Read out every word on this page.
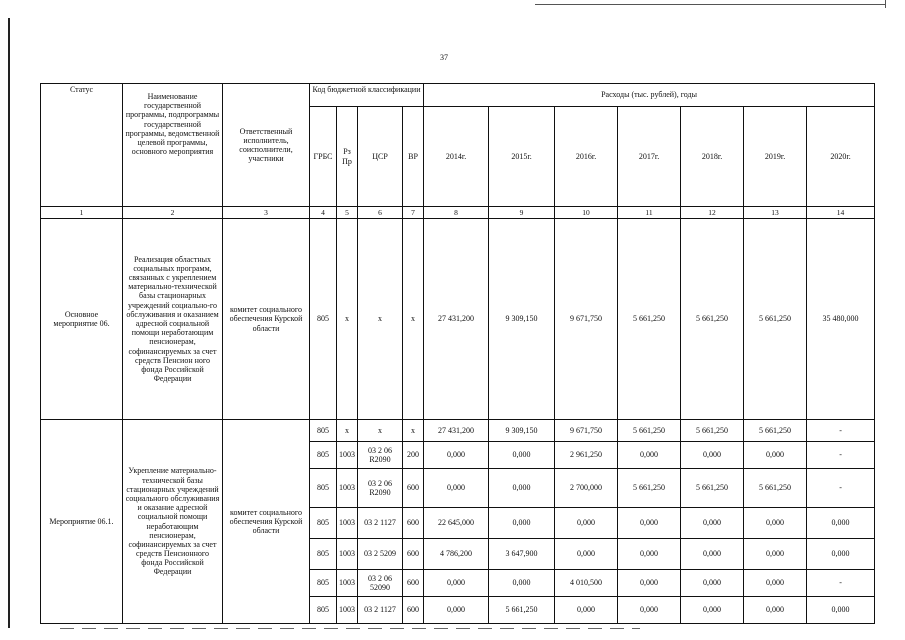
37
Статус	Наименование государственной программы, подпрограммы государственной программы, ведомственной целевой программы, основного мероприятия	Ответственный исполнитель, соисполнители, участники	Код бюджетной классификации				Расходы (тыс. рублей), годы						
			ГРБС	Рз Пр	ЦСР	ВР	2014г.	2015г.	2016г.	2017г.	2018г.	2019г.	2020г.
1	2	3	4	5	6	7	8	9	10	11	12	13	14
Основное мероприятие 06.	Реализация областных социальных программ, связанных с укреплением материально-технической базы стационарных учреждений социально-го обслуживания и оказанием адресной социальной помощи неработающим пенсионерам, софинансируемых за счет средств Пенсион ного фонда Российской Федерации	комитет социального обеспечения Курской области	805	х	х	х	27 431,200	9 309,150	9 671,750	5 661,250	5 661,250	5 661,250	35 480,000
Мероприятие 06.1.	Укрепление материально-технической базы стационарных учреждений социального обслуживания и оказание адресной социальной помощи неработающим пенсионерам, софинансируемых за счет средств Пенсионного фонда Российской Федерации	комитет социального обеспечения Курской области	805	х	х	х	27 431,200	9 309,150	9 671,750	5 661,250	5 661,250	5 661,250	-
			805	1003	03 2 06 R2090	200	0,000	0,000	2 961,250	0,000	0,000	0,000	-
			805	1003	03 2 06 R2090	600	0,000	0,000	2 700,000	5 661,250	5 661,250	5 661,250	-
			805	1003	03 2 1127	600	22 645,000	0,000	0,000	0,000	0,000	0,000	0,000
			805	1003	03 2 5209	600	4 786,200	3 647,900	0,000	0,000	0,000	0,000	0,000
			805	1003	03 2 06 52090	600	0,000	0,000	4 010,500	0,000	0,000	0,000	-
			805	1003	03 2 1127	600	0,000	5 661,250	0,000	0,000	0,000	0,000	0,000
